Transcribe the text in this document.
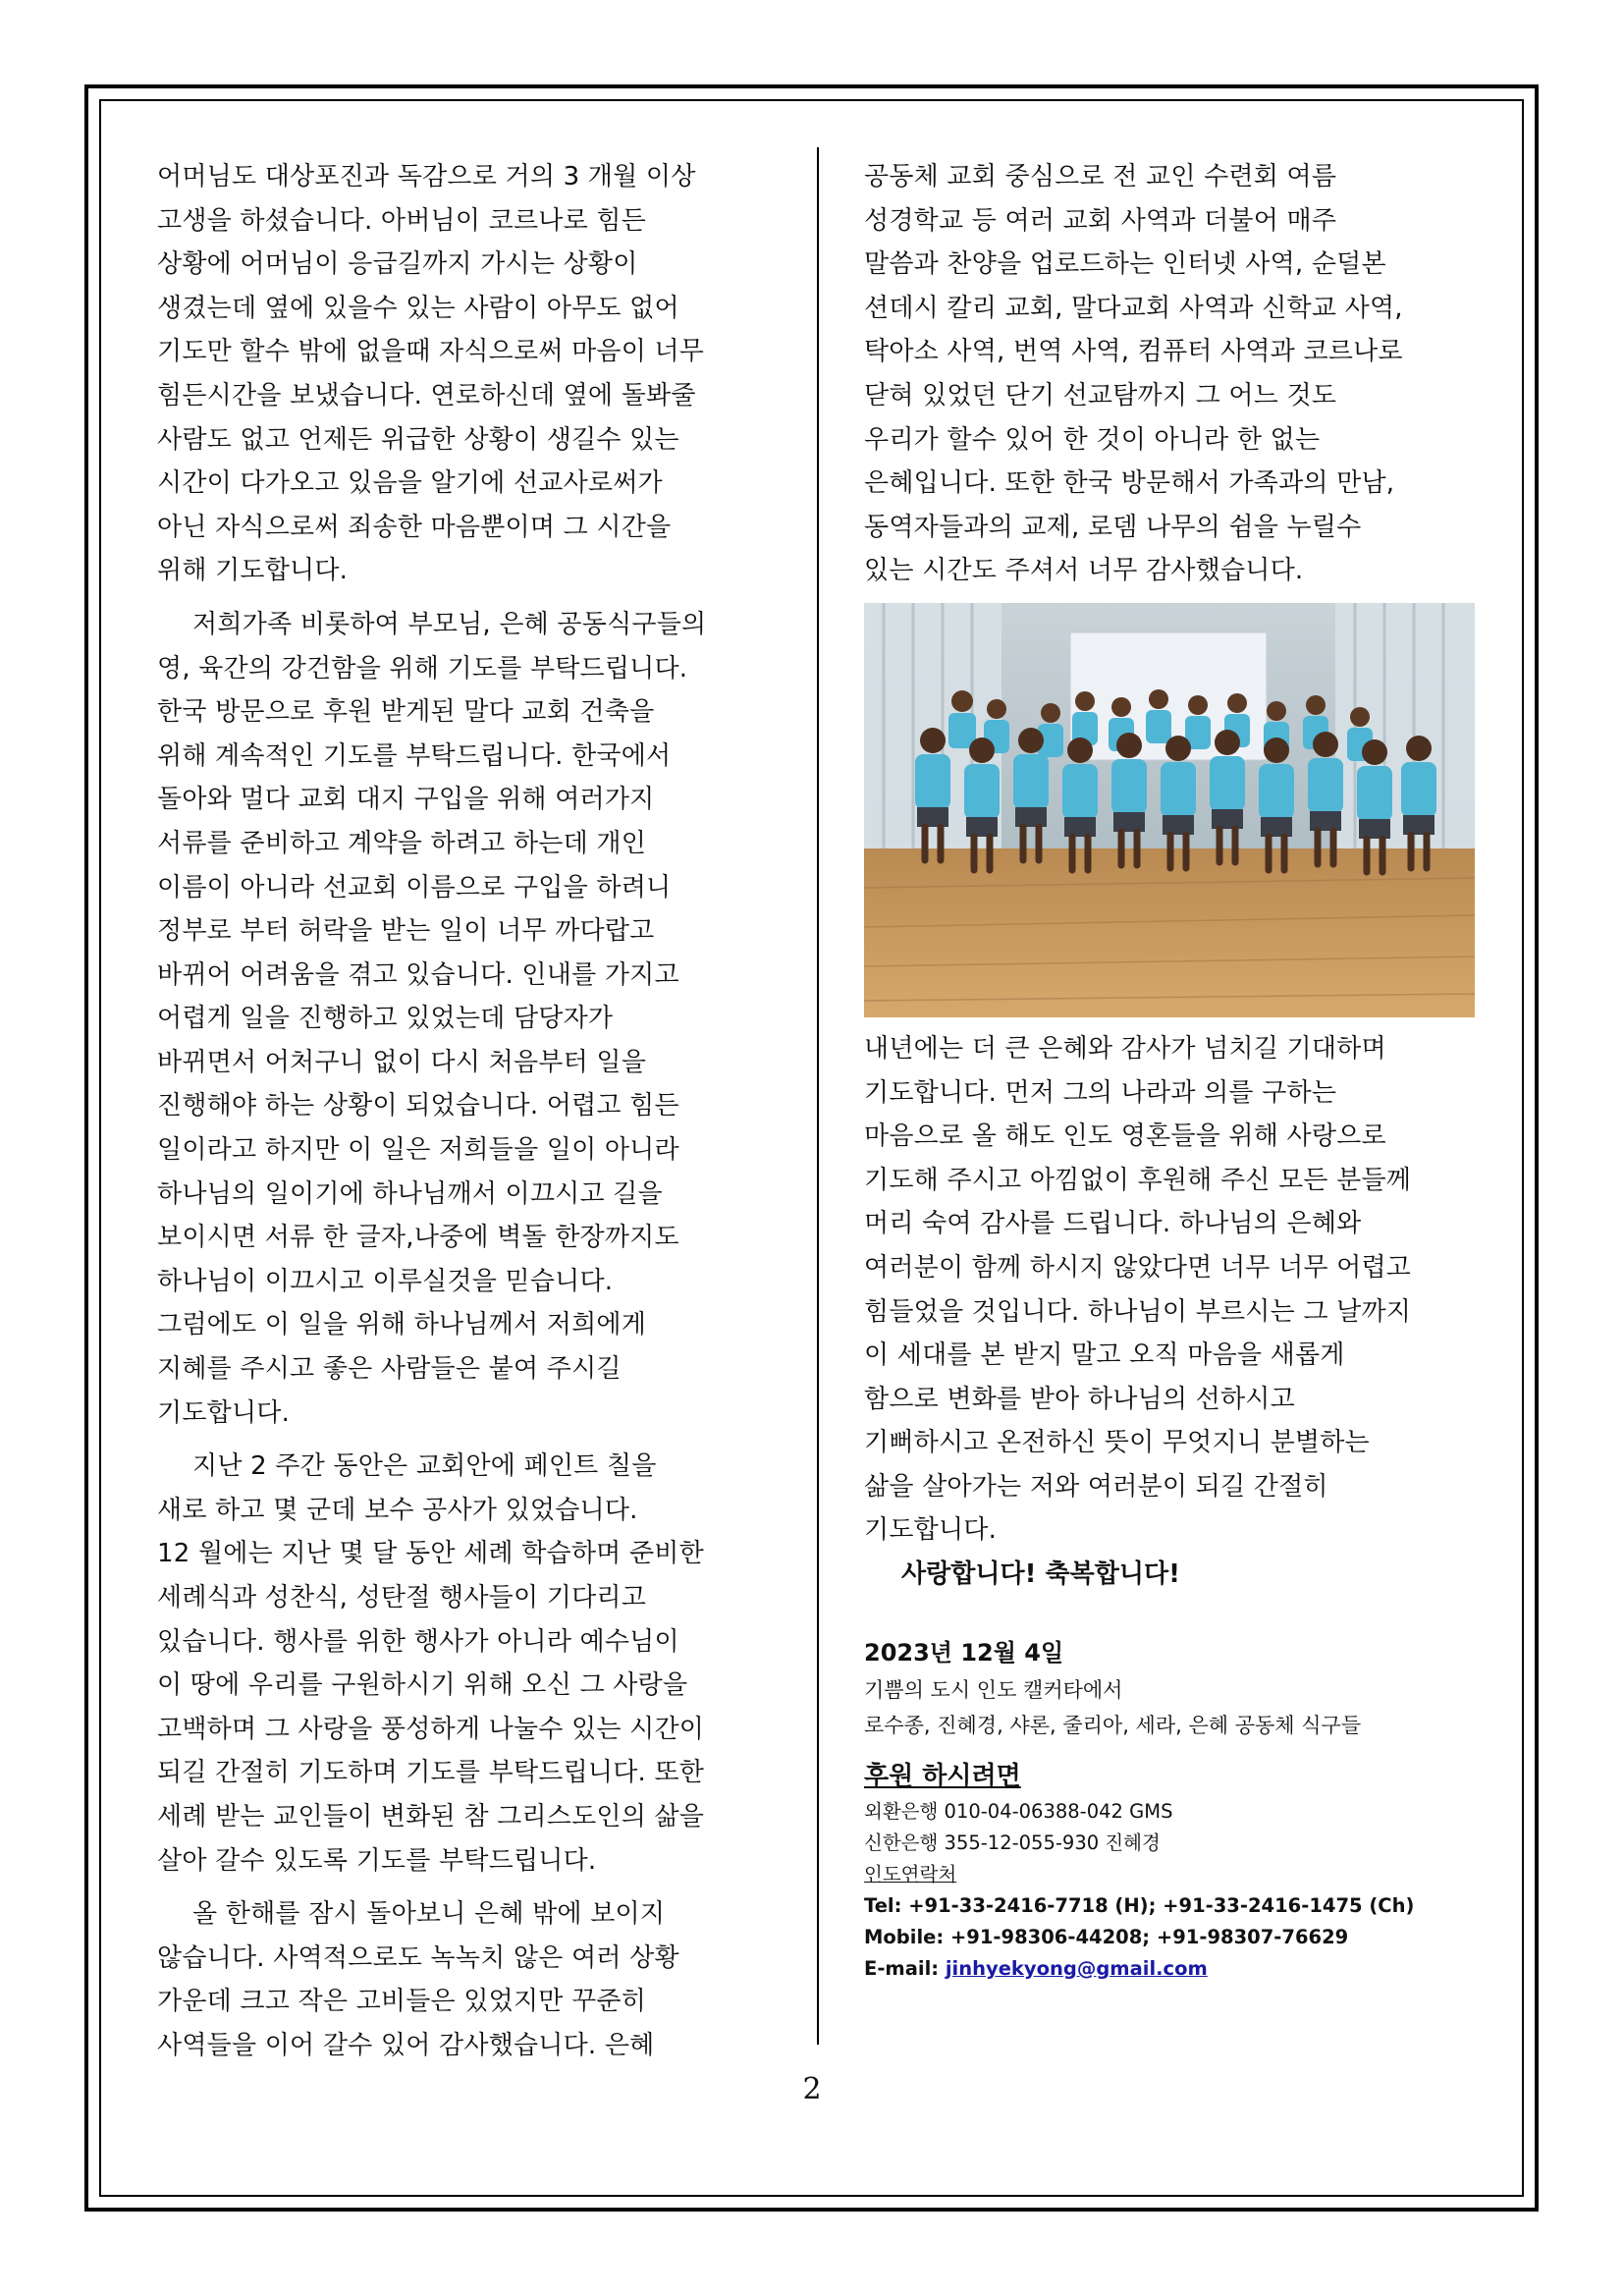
어머님도 대상포진과 독감으로 거의 3 개월 이상
고생을 하셨습니다. 아버님이 코르나로 힘든
상황에 어머님이 응급길까지 가시는 상황이
생겼는데 옆에 있을수 있는 사람이 아무도 없어
기도만 할수 밖에 없을때 자식으로써 마음이 너무
힘든시간을 보냈습니다. 연로하신데 옆에 돌봐줄
사람도 없고 언제든 위급한 상황이 생길수 있는
시간이 다가오고 있음을 알기에 선교사로써가
아닌 자식으로써 죄송한 마음뿐이며 그 시간을
위해 기도합니다.

저희가족 비롯하여 부모님, 은혜 공동식구들의
영, 육간의 강건함을 위해 기도를 부탁드립니다.
한국 방문으로 후원 받게된 말다 교회 건축을
위해 계속적인 기도를 부탁드립니다. 한국에서
돌아와 멀다 교회 대지 구입을 위해 여러가지
서류를 준비하고 계약을 하려고 하는데 개인
이름이 아니라 선교회 이름으로 구입을 하려니
정부로 부터 허락을 받는 일이 너무 까다랍고
바뀌어 어려움을 겪고 있습니다. 인내를 가지고
어렵게 일을 진행하고 있었는데 담당자가
바뀌면서 어처구니 없이 다시 처음부터 일을
진행해야 하는 상황이 되었습니다. 어렵고 힘든
일이라고 하지만 이 일은 저희들을 일이 아니라
하나님의 일이기에 하나님깨서 이끄시고 길을
보이시면 서류 한 글자,나중에 벽돌 한장까지도
하나님이 이끄시고 이루실것을 믿습니다.
그럼에도 이 일을 위해 하나님께서 저희에게
지혜를 주시고 좋은 사람들은 붙여 주시길
기도합니다.

지난 2 주간 동안은 교회안에 페인트 칠을
새로 하고 몇 군데 보수 공사가 있었습니다.
12 월에는 지난 몇 달 동안 세례 학습하며 준비한
세례식과 성찬식, 성탄절 행사들이 기다리고
있습니다. 행사를 위한 행사가 아니라 예수님이
이 땅에 우리를 구원하시기 위해 오신 그 사랑을
고백하며 그 사랑을 풍성하게 나눌수 있는 시간이
되길 간절히 기도하며 기도를 부탁드립니다. 또한
세례 받는 교인들이 변화된 참 그리스도인의 삶을
살아 갈수 있도록 기도를 부탁드립니다.

올 한해를 잠시 돌아보니 은혜 밖에 보이지
않습니다. 사역적으로도 녹녹치 않은 여러 상황
가운데 크고 작은 고비들은 있었지만 꾸준히
사역들을 이어 갈수 있어 감사했습니다. 은혜

공동체 교회 중심으로 전 교인 수련회 여름
성경학교 등 여러 교회 사역과 더불어 매주
말씀과 찬양을 업로드하는 인터넷 사역, 순덜본
션데시 칼리 교회, 말다교회 사역과 신학교 사역,
탁아소 사역, 번역 사역, 컴퓨터 사역과 코르나로
닫혀 있었던 단기 선교탐까지 그 어느 것도
우리가 할수 있어 한 것이 아니라 한 없는
은혜입니다. 또한 한국 방문해서 가족과의 만남,
동역자들과의 교제, 로뎀 나무의 쉼을 누릴수
있는 시간도 주셔서 너무 감사했습니다.

내년에는 더 큰 은혜와 감사가 넘치길 기대하며
기도합니다. 먼저 그의 나라과 의를 구하는
마음으로 올 해도 인도 영혼들을 위해 사랑으로
기도해 주시고 아낌없이 후원해 주신 모든 분들께
머리 숙여 감사를 드립니다. 하나님의 은혜와
여러분이 함께 하시지 않았다면 너무 너무 어렵고
힘들었을 것입니다. 하나님이 부르시는 그 날까지
이 세대를 본 받지 말고 오직 마음을 새롭게
함으로 변화를 받아 하나님의 선하시고
기뻐하시고 온전하신 뜻이 무엇지니 분별하는
삶을 살아가는 저와 여러분이 되길 간절히
기도합니다.

사랑합니다! 축복합니다!

2023년 12월 4일

기쁨의 도시 인도 캘커타에서

로수종, 진혜경, 샤론, 줄리아, 세라, 은혜 공동체 식구들

후원 하시려면

외환은행 010-04-06388-042 GMS

신한은행 355-12-055-930 진혜경

인도연락처

Tel: +91-33-2416-7718 (H); +91-33-2416-1475 (Ch)

Mobile: +91-98306-44208; +91-98307-76629

E-mail: jinhyekyong@gmail.com

2
